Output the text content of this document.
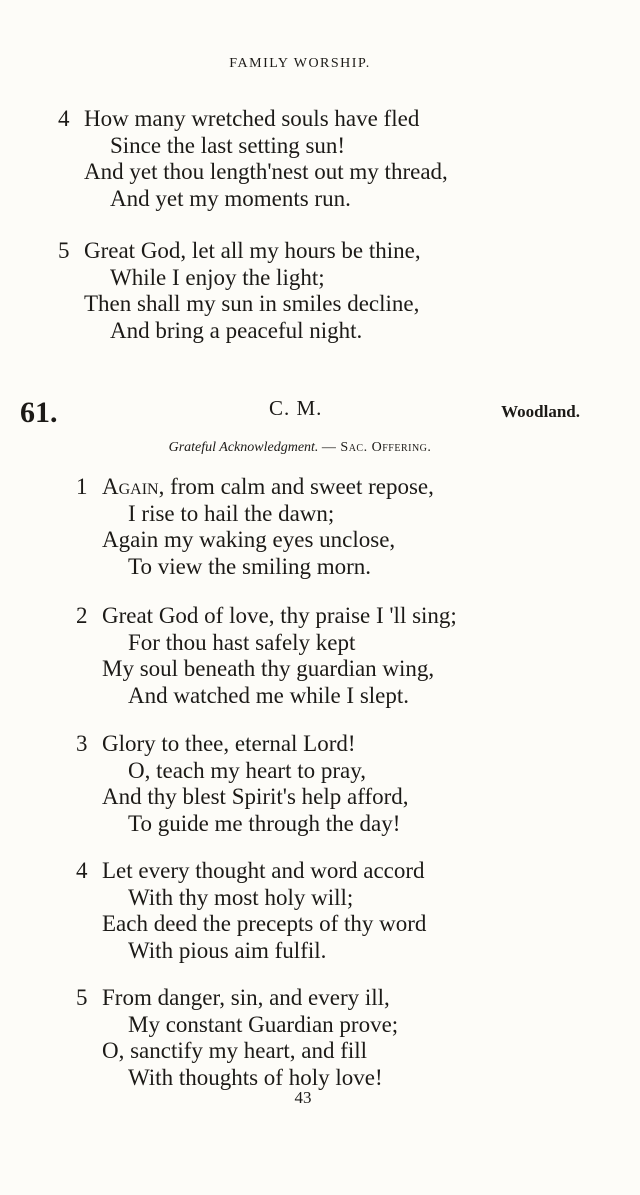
FAMILY WORSHIP.
4 How many wretched souls have fled
Since the last setting sun!
And yet thou length'nest out my thread,
And yet my moments run.
5 Great God, let all my hours be thine,
While I enjoy the light;
Then shall my sun in smiles decline,
And bring a peaceful night.
61.	C. M.	Woodland.
Grateful Acknowledgment. — Sac. Offering.
1 Again, from calm and sweet repose,
I rise to hail the dawn;
Again my waking eyes unclose,
To view the smiling morn.
2 Great God of love, thy praise I 'll sing;
For thou hast safely kept
My soul beneath thy guardian wing,
And watched me while I slept.
3 Glory to thee, eternal Lord!
O, teach my heart to pray,
And thy blest Spirit's help afford,
To guide me through the day!
4 Let every thought and word accord
With thy most holy will;
Each deed the precepts of thy word
With pious aim fulfil.
5 From danger, sin, and every ill,
My constant Guardian prove;
O, sanctify my heart, and fill
With thoughts of holy love!
43
